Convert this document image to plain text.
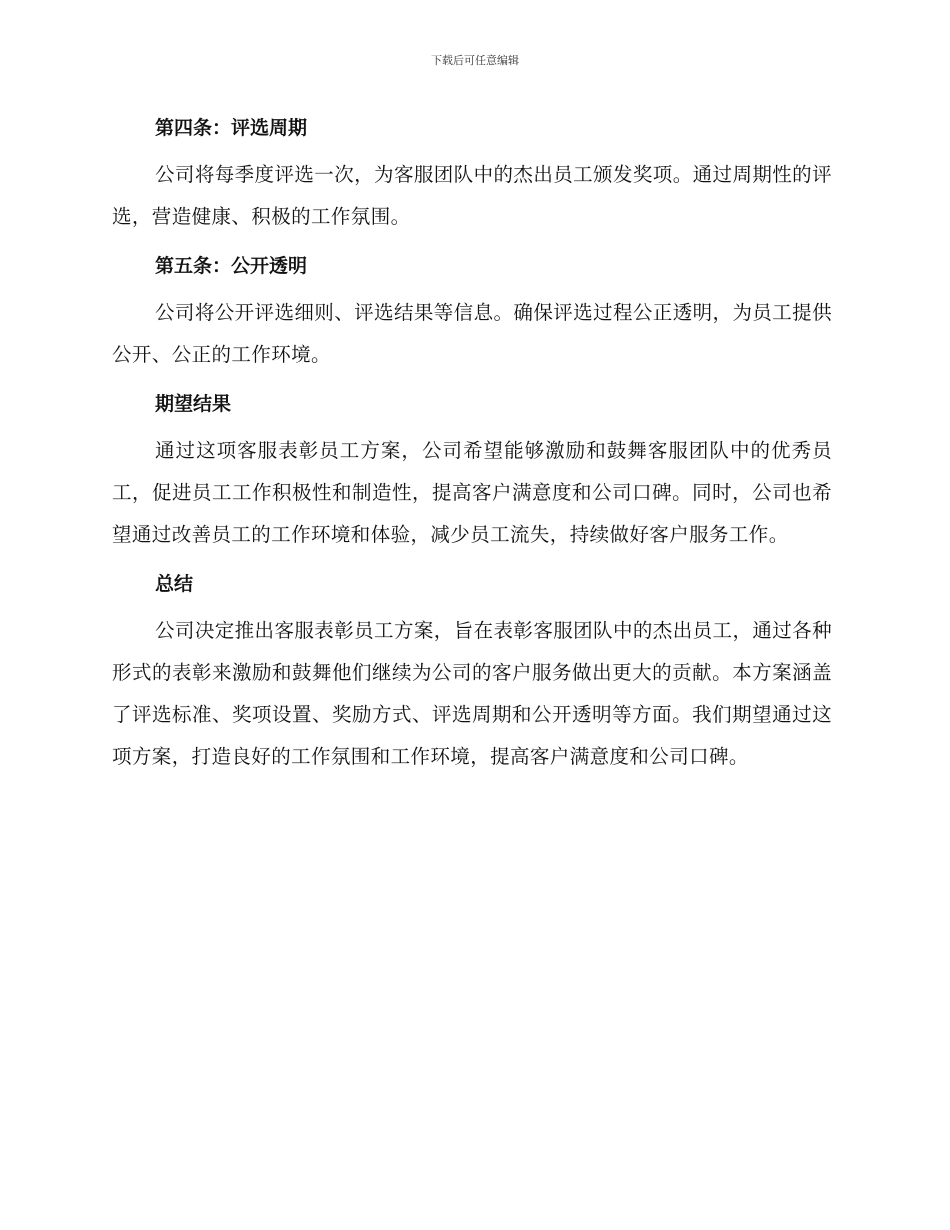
下载后可任意编辑
第四条：评选周期

公司将每季度评选一次，为客服团队中的杰出员工颁发奖项。通过周期性的评选，营造健康、积极的工作氛围。

第五条：公开透明

公司将公开评选细则、评选结果等信息。确保评选过程公正透明，为员工提供公开、公正的工作环境。

期望结果

通过这项客服表彰员工方案，公司希望能够激励和鼓舞客服团队中的优秀员工，促进员工工作积极性和制造性，提高客户满意度和公司口碑。同时，公司也希望通过改善员工的工作环境和体验，减少员工流失，持续做好客户服务工作。

总结

公司决定推出客服表彰员工方案，旨在表彰客服团队中的杰出员工，通过各种形式的表彰来激励和鼓舞他们继续为公司的客户服务做出更大的贡献。本方案涵盖了评选标准、奖项设置、奖励方式、评选周期和公开透明等方面。我们期望通过这项方案，打造良好的工作氛围和工作环境，提高客户满意度和公司口碑。
